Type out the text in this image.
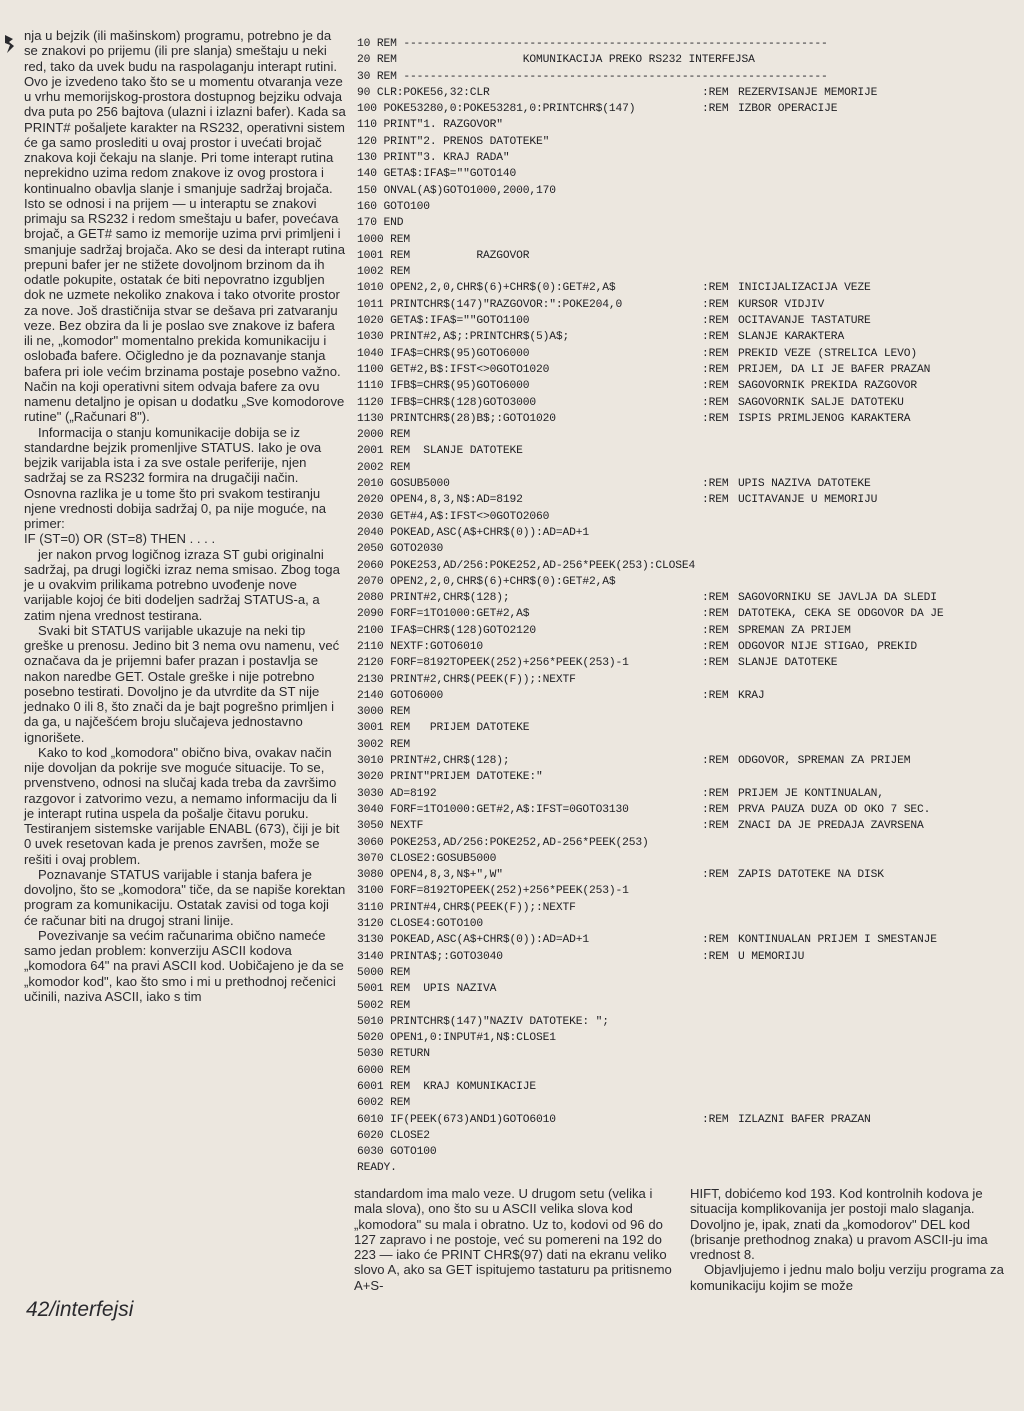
nja u bejzik (ili mašinskom) programu, potrebno je da se znakovi po prijemu (ili pre slanja) smeštaju u neki red, tako da uvek budu na raspolaganju interapt rutini. Ovo je izvedeno tako što se u momentu otvaranja veze u vrhu memorijskog-prostora dostupnog bejziku odvaja dva puta po 256 bajtova (ulazni i izlazni bafer). Kada sa PRINT# pošaljete karakter na RS232, operativni sistem će ga samo proslediti u ovaj prostor i uvećati brojač znakova koji čekaju na slanje. Pri tome interapt rutina neprekidno uzima redom znakove iz ovog prostora i kontinualno obavlja slanje i smanjuje sadržaj brojača. Isto se odnosi i na prijem — u interaptu se znakovi primaju sa RS232 i redom smeštaju u bafer, povećava brojač, a GET# samo iz memorije uzima prvi primljeni i smanjuje sadržaj brojača. Ako se desi da interapt rutina prepuni bafer jer ne stižete dovoljnom brzinom da ih odatle pokupite, ostatak će biti nepovratno izgubljen dok ne uzmete nekoliko znakova i tako otvorite prostor za nove. Još drastičnija stvar se dešava pri zatvaranju veze. Bez obzira da li je poslao sve znakove iz bafera ili ne, „komodor" momentalno prekida komunikaciju i oslobađa bafere. Očigledno je da poznavanje stanja bafera pri iole većim brzinama postaje posebno važno. Način na koji operativni sitem odvaja bafere za ovu namenu detaljno je opisan u dodatku „Sve komodorove rutine" („Računari 8").

Informacija o stanju komunikacije dobija se iz standardne bejzik promenljive STATUS. Iako je ova bejzik varijabla ista i za sve ostale periferije, njen sadržaj se za RS232 formira na drugačiji način. Osnovna razlika je u tome što pri svakom testiranju njene vrednosti dobija sadržaj 0, pa nije moguće, na primer:

IF (ST=0) OR (ST=8) THEN . . . .

jer nakon prvog logičnog izraza ST gubi originalni sadržaj, pa drugi logički izraz nema smisao. Zbog toga je u ovakvim prilikama potrebno uvođenje nove varijable kojoj će biti dodeljen sadržaj STATUS-a, a zatim njena vrednost testirana.

Svaki bit STATUS varijable ukazuje na neki tip greške u prenosu. Jedino bit 3 nema ovu namenu, već označava da je prijemni bafer prazan i postavlja se nakon naredbe GET. Ostale greške i nije potrebno posebno testirati. Dovoljno je da utvrdite da ST nije jednako 0 ili 8, što znači da je bajt pogrešno primljen i da ga, u najčešćem broju slučajeva jednostavno ignorišete.

Kako to kod „komodora" obično biva, ovakav način nije dovoljan da pokrije sve moguće situacije. To se, prvenstveno, odnosi na slučaj kada treba da završimo razgovor i zatvorimo vezu, a nemamo informaciju da li je interapt rutina uspela da pošalje čitavu poruku. Testiranjem sistemske varijable ENABL (673), čiji je bit 0 uvek resetovan kada je prenos završen, može se rešiti i ovaj problem.

Poznavanje STATUS varijable i stanja bafera je dovoljno, što se „komodora" tiče, da se napiše korektan program za komunikaciju. Ostatak zavisi od toga koji će računar biti na drugoj strani linije.

Povezivanje sa većim računarima obično nameće samo jedan problem: konverziju ASCII kodova „komodora 64" na pravi ASCII kod. Uobičajeno je da se „komodor kod", kao što smo i mi u prethodnoj rečenici učinili, naziva ASCII, iako s tim

10 REM ----------------------------------------------------------------
20 REM                   KOMUNIKACIJA PREKO RS232 INTERFEJSA
30 REM ----------------------------------------------------------------
90 CLR:POKE56,32:CLR	:REM REZERVISANJE MEMORIJE
100 POKE53280,0:POKE53281,0:PRINTCHR$(147)	:REM IZBOR OPERACIJE
110 PRINT"1. RAZGOVOR"
120 PRINT"2. PRENOS DATOTEKE"
130 PRINT"3. KRAJ RADA"
140 GETA$:IFA$=""GOTO140
150 ONVAL(A$)GOTO1000,2000,170
160 GOTO100
170 END
1000 REM
1001 REM          RAZGOVOR
1002 REM
1010 OPEN2,2,0,CHR$(6)+CHR$(0):GET#2,A$	:REM INICIJALIZACIJA VEZE
1011 PRINTCHR$(147)"RAZGOVOR:":POKE204,0	:REM KURSOR VIDJIV
1020 GETA$:IFA$=""GOTO1100	:REM OCITAVANJE TASTATURE
1030 PRINT#2,A$;:PRINTCHR$(5)A$;	:REM SLANJE KARAKTERA
1040 IFA$=CHR$(95)GOTO6000	:REM PREKID VEZE (STRELICA LEVO)
1100 GET#2,B$:IFST<>0GOTO1020	:REM PRIJEM, DA LI JE BAFER PRAZAN
1110 IFB$=CHR$(95)GOTO6000	:REM SAGOVORNIK PREKIDA RAZGOVOR
1120 IFB$=CHR$(128)GOTO3000	:REM SAGOVORNIK SALJE DATOTEKU
1130 PRINTCHR$(28)B$;:GOTO1020	:REM ISPIS PRIMLJENOG KARAKTERA
2000 REM
2001 REM  SLANJE DATOTEKE
2002 REM
2010 GOSUB5000	:REM UPIS NAZIVA DATOTEKE
2020 OPEN4,8,3,N$:AD=8192	:REM UCITAVANJE U MEMORIJU
2030 GET#4,A$:IFST<>0GOTO2060
2040 POKEAD,ASC(A$+CHR$(0)):AD=AD+1
2050 GOTO2030
2060 POKE253,AD/256:POKE252,AD-256*PEEK(253):CLOSE4
2070 OPEN2,2,0,CHR$(6)+CHR$(0):GET#2,A$
2080 PRINT#2,CHR$(128);	:REM SAGOVORNIKU SE JAVLJA DA SLEDI
2090 FORF=1TO1000:GET#2,A$	:REM DATOTEKA, CEKA SE ODGOVOR DA JE
2100 IFA$=CHR$(128)GOTO2120	:REM SPREMAN ZA PRIJEM
2110 NEXTF:GOTO6010	:REM ODGOVOR NIJE STIGAO, PREKID
2120 FORF=8192TOPEEK(252)+256*PEEK(253)-1	:REM SLANJE DATOTEKE
2130 PRINT#2,CHR$(PEEK(F));:NEXTF
2140 GOTO6000	:REM KRAJ
3000 REM
3001 REM   PRIJEM DATOTEKE
3002 REM
3010 PRINT#2,CHR$(128);	:REM ODGOVOR, SPREMAN ZA PRIJEM
3020 PRINT"PRIJEM DATOTEKE:"
3030 AD=8192	:REM PRIJEM JE KONTINUALAN,
3040 FORF=1TO1000:GET#2,A$:IFST=0GOTO3130	:REM PRVA PAUZA DUZA OD OKO 7 SEC.
3050 NEXTF	:REM ZNACI DA JE PREDAJA ZAVRSENA
3060 POKE253,AD/256:POKE252,AD-256*PEEK(253)
3070 CLOSE2:GOSUB5000
3080 OPEN4,8,3,N$+",W"	:REM ZAPIS DATOTEKE NA DISK
3100 FORF=8192TOPEEK(252)+256*PEEK(253)-1
3110 PRINT#4,CHR$(PEEK(F));:NEXTF
3120 CLOSE4:GOTO100
3130 POKEAD,ASC(A$+CHR$(0)):AD=AD+1	:REM KONTINUALAN PRIJEM I SMESTANJE
3140 PRINTA$;:GOTO3040	:REM U MEMORIJU
5000 REM
5001 REM  UPIS NAZIVA
5002 REM
5010 PRINTCHR$(147)"NAZIV DATOTEKE: ";
5020 OPEN1,0:INPUT#1,N$:CLOSE1
5030 RETURN
6000 REM
6001 REM  KRAJ KOMUNIKACIJE
6002 REM
6010 IF(PEEK(673)AND1)GOTO6010	:REM IZLAZNI BAFER PRAZAN
6020 CLOSE2
6030 GOTO100
READY.

standardom ima malo veze. U drugom setu (velika i mala slova), ono što su u ASCII velika slova kod „komodora" su mala i obratno. Uz to, kodovi od 96 do 127 zapravo i ne postoje, već su pomereni na 192 do 223 — iako će PRINT CHR$(97) dati na ekranu veliko slovo A, ako sa GET ispitujemo tastaturu pa pritisnemo A+S-

HIFT, dobićemo kod 193. Kod kontrolnih kodova je situacija komplikovanija jer postoji malo slaganja. Dovoljno je, ipak, znati da „komodorov" DEL kod (brisanje prethodnog znaka) u pravom ASCII-ju ima vrednost 8.

Objavljujemo i jednu malo bolju verziju programa za komunikaciju kojim se može

42/interfejsi
